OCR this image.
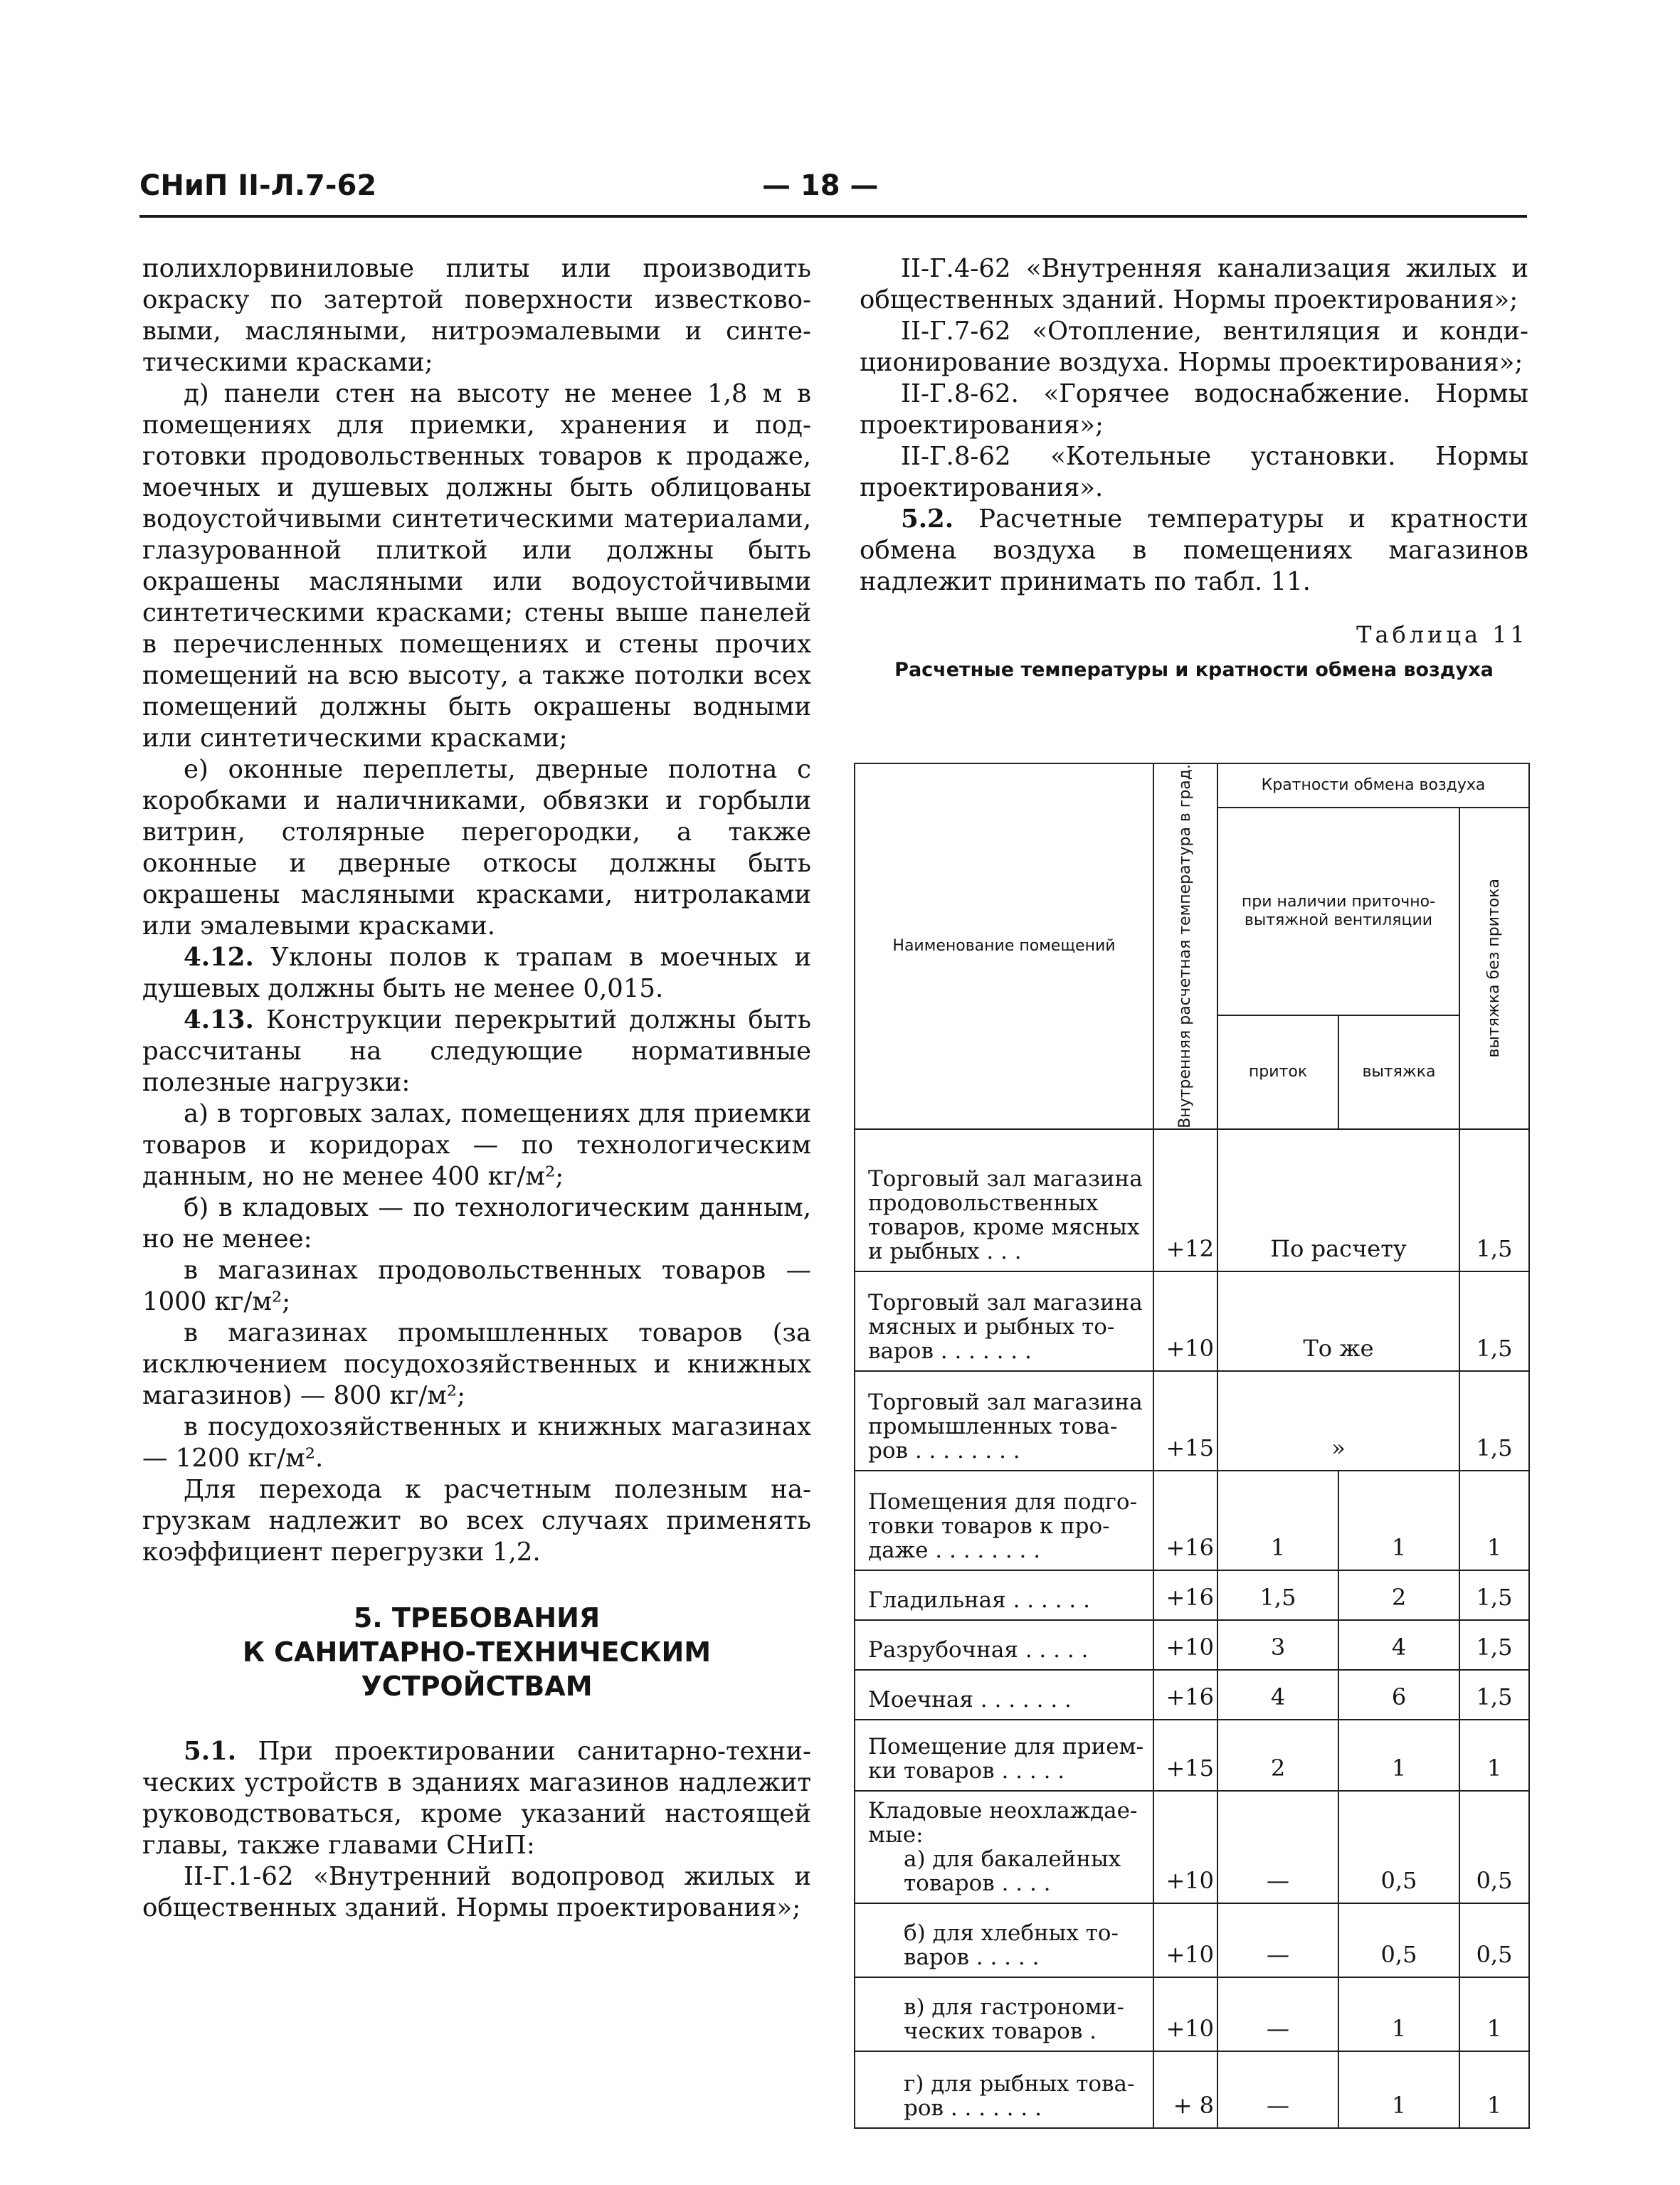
СНиП II-Л.7-62	— 18 —

полихлорвиниловые плиты или производить окраску по затертой поверхности известкововыми, масляными, нитроэмалевыми и синтетическими красками;

д) панели стен на высоту не менее 1,8 м в помещениях для приемки, хранения и подготовки продовольственных товаров к продаже, моечных и душевых должны быть облицованы водоустойчивыми синтетическими материалами, глазурованной плиткой или должны быть окрашены масляными или водоустойчивыми синтетическими красками; стены выше панелей в перечисленных помещениях и стены прочих помещений на всю высоту, а также потолки всех помещений должны быть окрашены водными или синтетическими красками;

е) оконные переплеты, дверные полотна с коробками и наличниками, обвязки и горбыли витрин, столярные перегородки, а также оконные и дверные откосы должны быть окрашены масляными красками, нитролаками или эмалевыми красками.

4.12. Уклоны полов к трапам в моечных и душевых должны быть не менее 0,015.

4.13. Конструкции перекрытий должны быть рассчитаны на следующие нормативные полезные нагрузки:

а) в торговых залах, помещениях для приемки товаров и коридорах — по технологическим данным, но не менее 400 кг/м²;

б) в кладовых — по технологическим данным, но не менее:

в магазинах продовольственных товаров — 1000 кг/м²;

в магазинах промышленных товаров (за исключением посудохозяйственных и книжных магазинов) — 800 кг/м²;

в посудохозяйственных и книжных магазинах — 1200 кг/м².

Для перехода к расчетным полезным нагрузкам надлежит во всех случаях применять коэффициент перегрузки 1,2.

5. ТРЕБОВАНИЯ
К САНИТАРНО-ТЕХНИЧЕСКИМ
УСТРОЙСТВАМ

5.1. При проектировании санитарно-технических устройств в зданиях магазинов надлежит руководствоваться, кроме указаний настоящей главы, также главами СНиП:

II-Г.1-62 «Внутренний водопровод жилых и общественных зданий. Нормы проектирования»;

II-Г.4-62 «Внутренняя канализация жилых и общественных зданий. Нормы проектирования»;

II-Г.7-62 «Отопление, вентиляция и кондиционирование воздуха. Нормы проектирования»;

II-Г.8-62. «Горячее водоснабжение. Нормы проектирования»;

II-Г.8-62 «Котельные установки. Нормы проектирования».

5.2. Расчетные температуры и кратности обмена воздуха в помещениях магазинов надлежит принимать по табл. 11.

Таблица 11
Расчетные температуры и кратности обмена воздуха
Наименование помещений	Внутренняя расчетная температура в град.	Кратности обмена воздуха		
		при наличии приточно-вытяжной вентиляции		вытяжка без притока

		приток	вытяжка	
Торговый зал магазина продовольственных товаров, кроме мясных и рыбных . . .	+12	По расчету		1,5
Торговый зал магазина мясных и рыбных товаров . . . . . . .	+10	То же		1,5
Торговый зал магазина промышленных товаров . . . . . . . .	+15	»		1,5
Помещения для подготовки товаров к продаже . . . . . . . .	+16	1	1	1
Гладильная . . . . . .	+16	1,5	2	1,5
Разрубочная . . . . .	+10	3	4	1,5
Моечная . . . . . . .	+16	4	6	1,5
Помещение для приемки товаров . . . . .	+15	2	1	1

Кладовые неохлаждаемые:
а) для бакалейных товаров . . . .	+10	—	0,5	0,5

б) для хлебных товаров . . . . .	+10	—	0,5	0,5

в) для гастрономических товаров .	+10	—	1	1

г) для рыбных товаров . . . . . . .	+ 8	—	1	1
